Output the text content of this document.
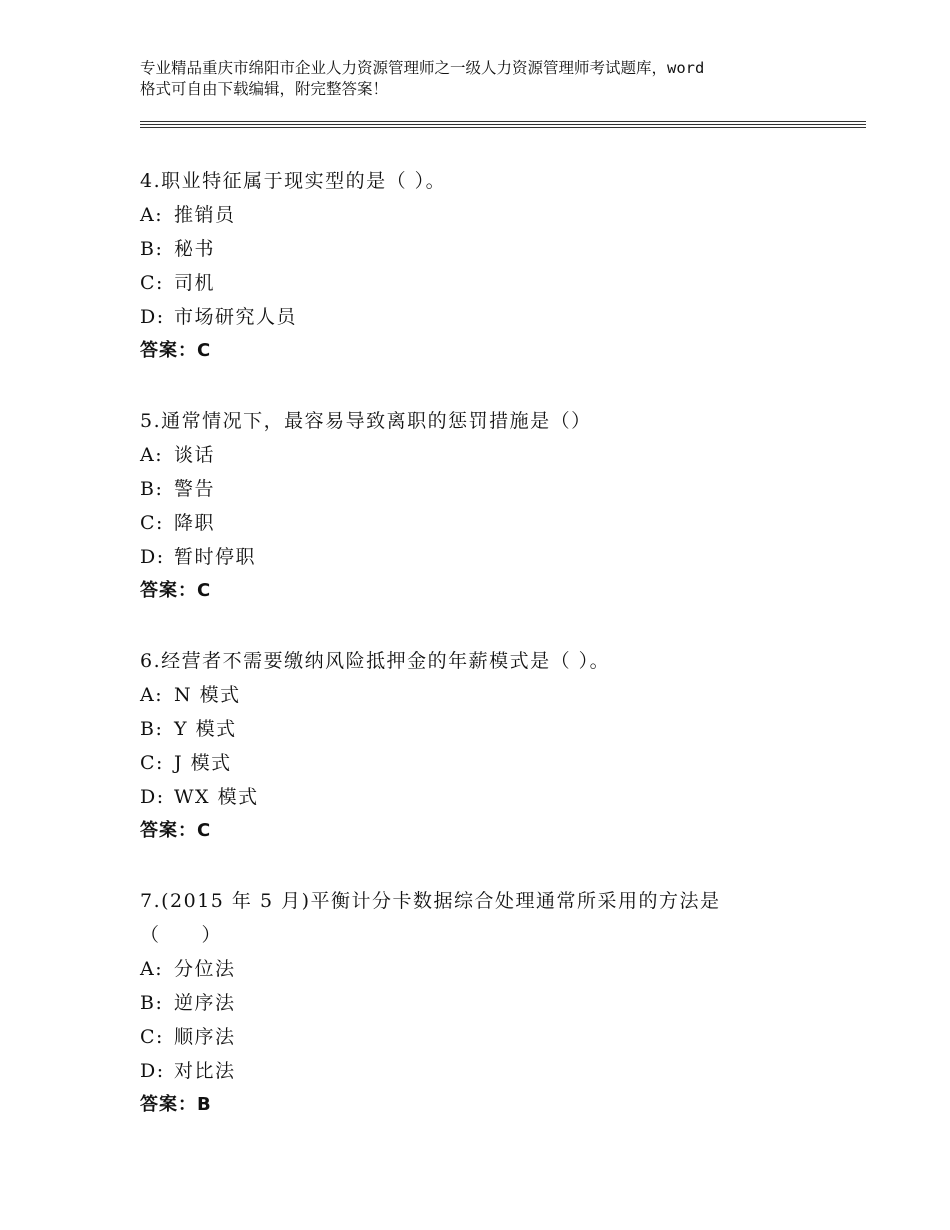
专业精品重庆市绵阳市企业人力资源管理师之一级人力资源管理师考试题库，word
格式可自由下载编辑，附完整答案！
4.职业特征属于现实型的是（ ）。
A: 推销员
B: 秘书
C: 司机
D: 市场研究人员
答案：C
5.通常情况下，最容易导致离职的惩罚措施是（）
A: 谈话
B: 警告
C: 降职
D: 暂时停职
答案：C
6.经营者不需要缴纳风险抵押金的年薪模式是（ ）。
A: N 模式
B: Y 模式
C: J 模式
D: WX 模式
答案：C
7.(2015 年 5 月)平衡计分卡数据综合处理通常所采用的方法是
（　　）
A: 分位法
B: 逆序法
C: 顺序法
D: 对比法
答案：B
